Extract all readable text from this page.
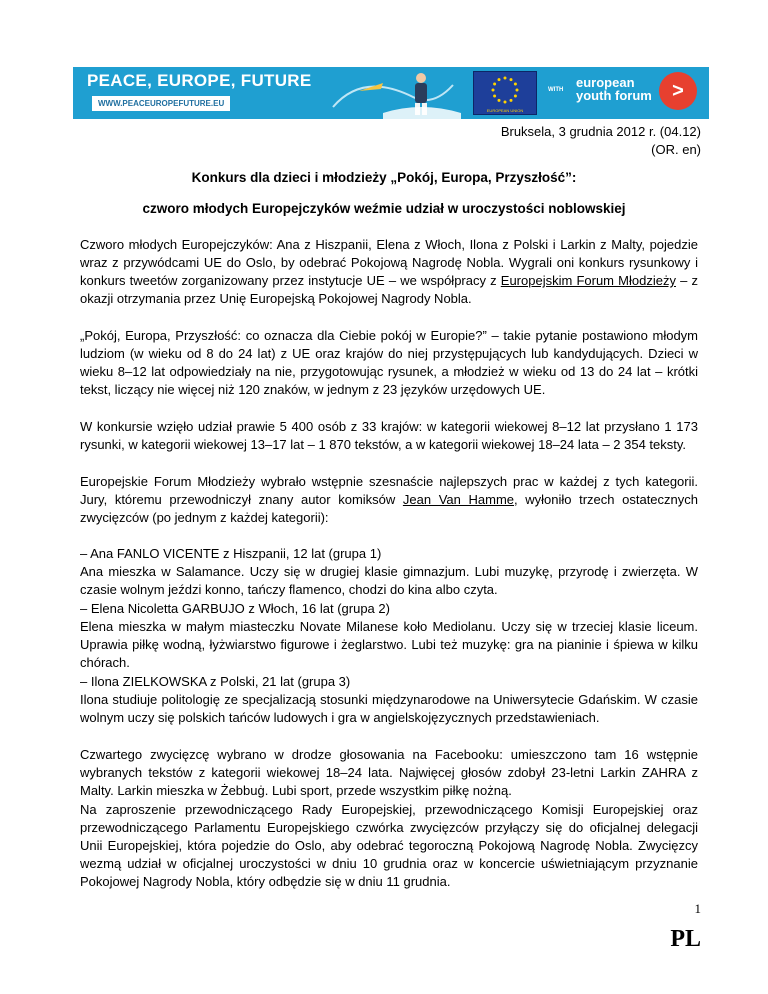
PEACE, EUROPE, FUTURE
WWW.PEACEUROPEFUTURE.EU
EUROPEAN UNION
WITH european
youth forum	>
Bruksela, 3 grudnia 2012 r. (04.12)
(OR. en)
Konkurs dla dzieci i młodzieży „Pokój, Europa, Przyszłość”:
czworo młodych Europejczyków weźmie udział w uroczystości noblowskiej

Czworo młodych Europejczyków: Ana z Hiszpanii, Elena z Włoch, Ilona z Polski i Larkin z Malty, pojedzie wraz z przywódcami UE do Oslo, by odebrać Pokojową Nagrodę Nobla. Wygrali oni konkurs rysunkowy i konkurs tweetów zorganizowany przez instytucje UE – we współpracy z Europejskim Forum Młodzieży – z okazji otrzymania przez Unię Europejską Pokojowej Nagrody Nobla.

„Pokój, Europa, Przyszłość: co oznacza dla Ciebie pokój w Europie?” – takie pytanie postawiono młodym ludziom (w wieku od 8 do 24 lat) z UE oraz krajów do niej przystępujących lub kandydujących. Dzieci w wieku 8–12 lat odpowiedziały na nie, przygotowując rysunek, a młodzież w wieku od 13 do 24 lat – krótki tekst, liczący nie więcej niż 120 znaków, w jednym z 23 języków urzędowych UE.

W konkursie wzięło udział prawie 5 400 osób z 33 krajów: w kategorii wiekowej 8–12 lat przysłano 1 173 rysunki, w kategorii wiekowej 13–17 lat – 1 870 tekstów, a w kategorii wiekowej 18–24 lata – 2 354 teksty.

Europejskie Forum Młodzieży wybrało wstępnie szesnaście najlepszych prac w każdej z tych kategorii. Jury, któremu przewodniczył znany autor komiksów Jean Van Hamme, wyłoniło trzech ostatecznych zwycięzców (po jednym z każdej kategorii):

– Ana FANLO VICENTE z Hiszpanii, 12 lat (grupa 1)
Ana mieszka w Salamance. Uczy się w drugiej klasie gimnazjum. Lubi muzykę, przyrodę i zwierzęta. W czasie wolnym jeździ konno, tańczy flamenco, chodzi do kina albo czyta.

– Elena Nicoletta GARBUJO z Włoch, 16 lat (grupa 2)
Elena mieszka w małym miasteczku Novate Milanese koło Mediolanu. Uczy się w trzeciej klasie liceum. Uprawia piłkę wodną, łyżwiarstwo figurowe i żeglarstwo. Lubi też muzykę: gra na pianinie i śpiewa w kilku chórach.

– Ilona ZIELKOWSKA z Polski, 21 lat (grupa 3)
Ilona studiuje politologię ze specjalizacją stosunki międzynarodowe na Uniwersytecie Gdańskim. W czasie wolnym uczy się polskich tańców ludowych i gra w angielskojęzycznych przedstawieniach.

Czwartego zwycięzcę wybrano w drodze głosowania na Facebooku: umieszczono tam 16 wstępnie wybranych tekstów z kategorii wiekowej 18–24 lata. Najwięcej głosów zdobył 23-letni Larkin ZAHRA z Malty. Larkin mieszka w Żebbuġ. Lubi sport, przede wszystkim piłkę nożną.

Na zaproszenie przewodniczącego Rady Europejskiej, przewodniczącego Komisji Europejskiej oraz przewodniczącego Parlamentu Europejskiego czwórka zwycięzców przyłączy się do oficjalnej delegacji Unii Europejskiej, która pojedzie do Oslo, aby odebrać tegoroczną Pokojową Nagrodę Nobla. Zwycięzcy wezmą udział w oficjalnej uroczystości w dniu 10 grudnia oraz w koncercie uświetniającym przyznanie Pokojowej Nagrody Nobla, który odbędzie się w dniu 11 grudnia.

1
PL
